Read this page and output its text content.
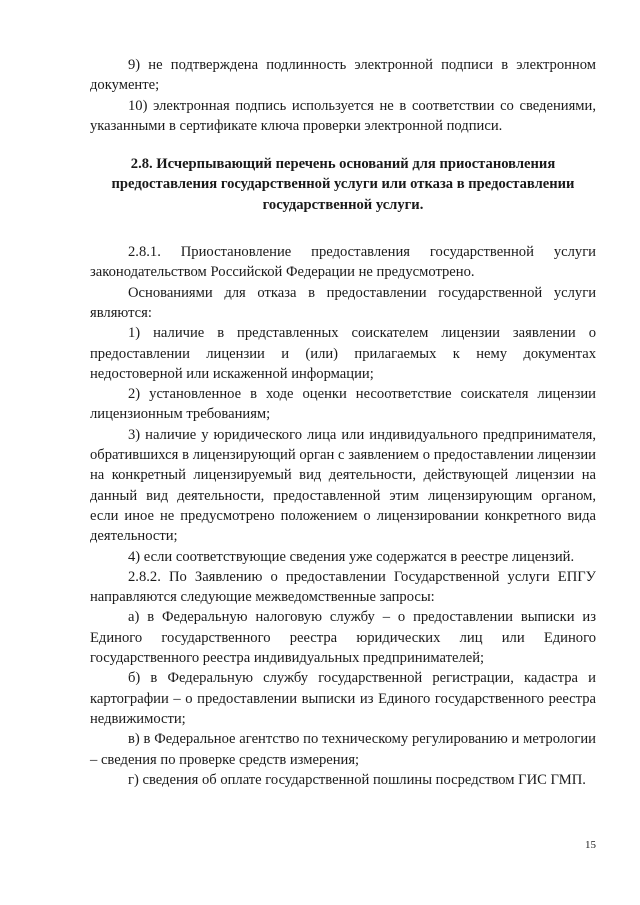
9) не подтверждена подлинность электронной подписи в электронном документе;

10) электронная подпись используется не в соответствии со сведениями, указанными в сертификате ключа проверки электронной подписи.

2.8. Исчерпывающий перечень оснований для приостановления предоставления государственной услуги или отказа в предоставлении государственной услуги.

2.8.1. Приостановление предоставления государственной услуги законодательством Российской Федерации не предусмотрено.

Основаниями для отказа в предоставлении государственной услуги являются:

1) наличие в представленных соискателем лицензии заявлении о предоставлении лицензии и (или) прилагаемых к нему документах недостоверной или искаженной информации;

2) установленное в ходе оценки несоответствие соискателя лицензии лицензионным требованиям;

3) наличие у юридического лица или индивидуального предпринимателя, обратившихся в лицензирующий орган с заявлением о предоставлении лицензии на конкретный лицензируемый вид деятельности, действующей лицензии на данный вид деятельности, предоставленной этим лицензирующим органом, если иное не предусмотрено положением о лицензировании конкретного вида деятельности;

4) если соответствующие сведения уже содержатся в реестре лицензий.

2.8.2. По Заявлению о предоставлении Государственной услуги ЕПГУ направляются следующие межведомственные запросы:

а) в Федеральную налоговую службу – о предоставлении выписки из Единого государственного реестра юридических лиц или Единого государственного реестра индивидуальных предпринимателей;

б) в Федеральную службу государственной регистрации, кадастра и картографии – о предоставлении выписки из Единого государственного реестра недвижимости;

в) в Федеральное агентство по техническому регулированию и метрологии – сведения по проверке средств измерения;

г) сведения об оплате государственной пошлины посредством ГИС ГМП.

15
